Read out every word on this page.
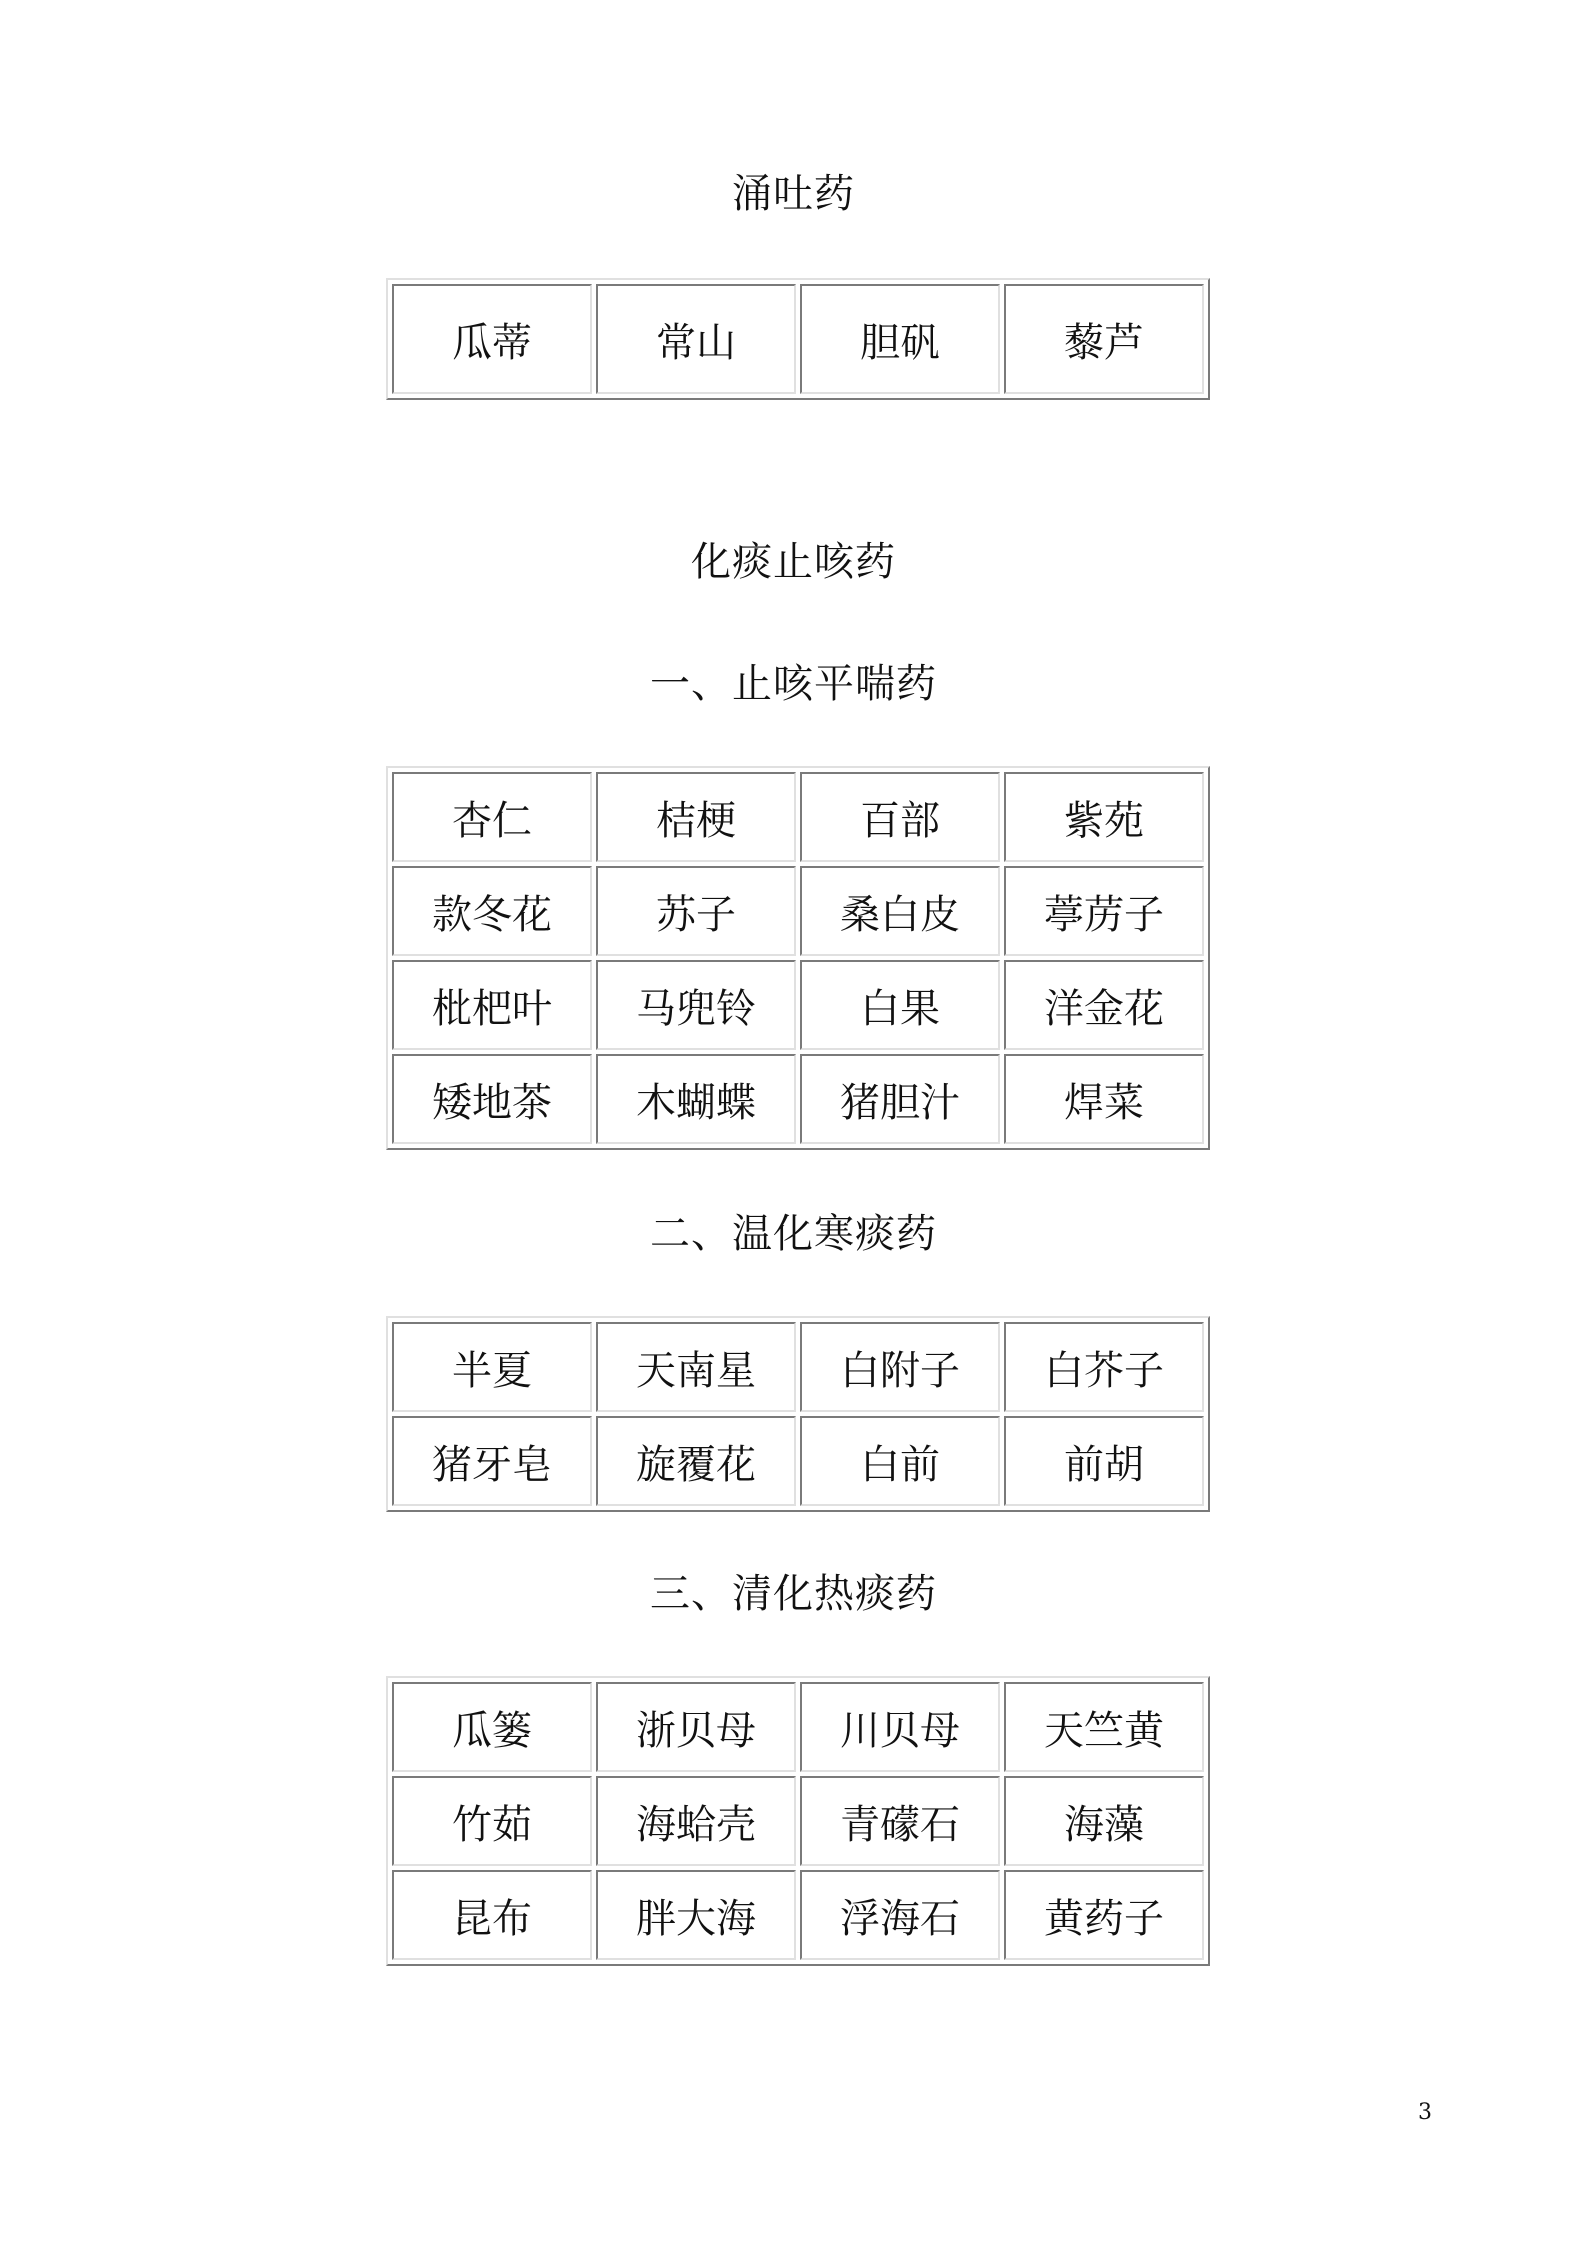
涌吐药
瓜蒂	常山	胆矾	藜芦
化痰止咳药
一、止咳平喘药
杏仁	桔梗	百部	紫苑
款冬花	苏子	桑白皮	葶苈子
枇杷叶	马兜铃	白果	洋金花
矮地茶	木蝴蝶	猪胆汁	焊菜
二、温化寒痰药
半夏	天南星	白附子	白芥子
猪牙皂	旋覆花	白前	前胡
三、清化热痰药
瓜篓	浙贝母	川贝母	天竺黄
竹茹	海蛤壳	青礞石	海藻
昆布	胖大海	浮海石	黄药子
3
